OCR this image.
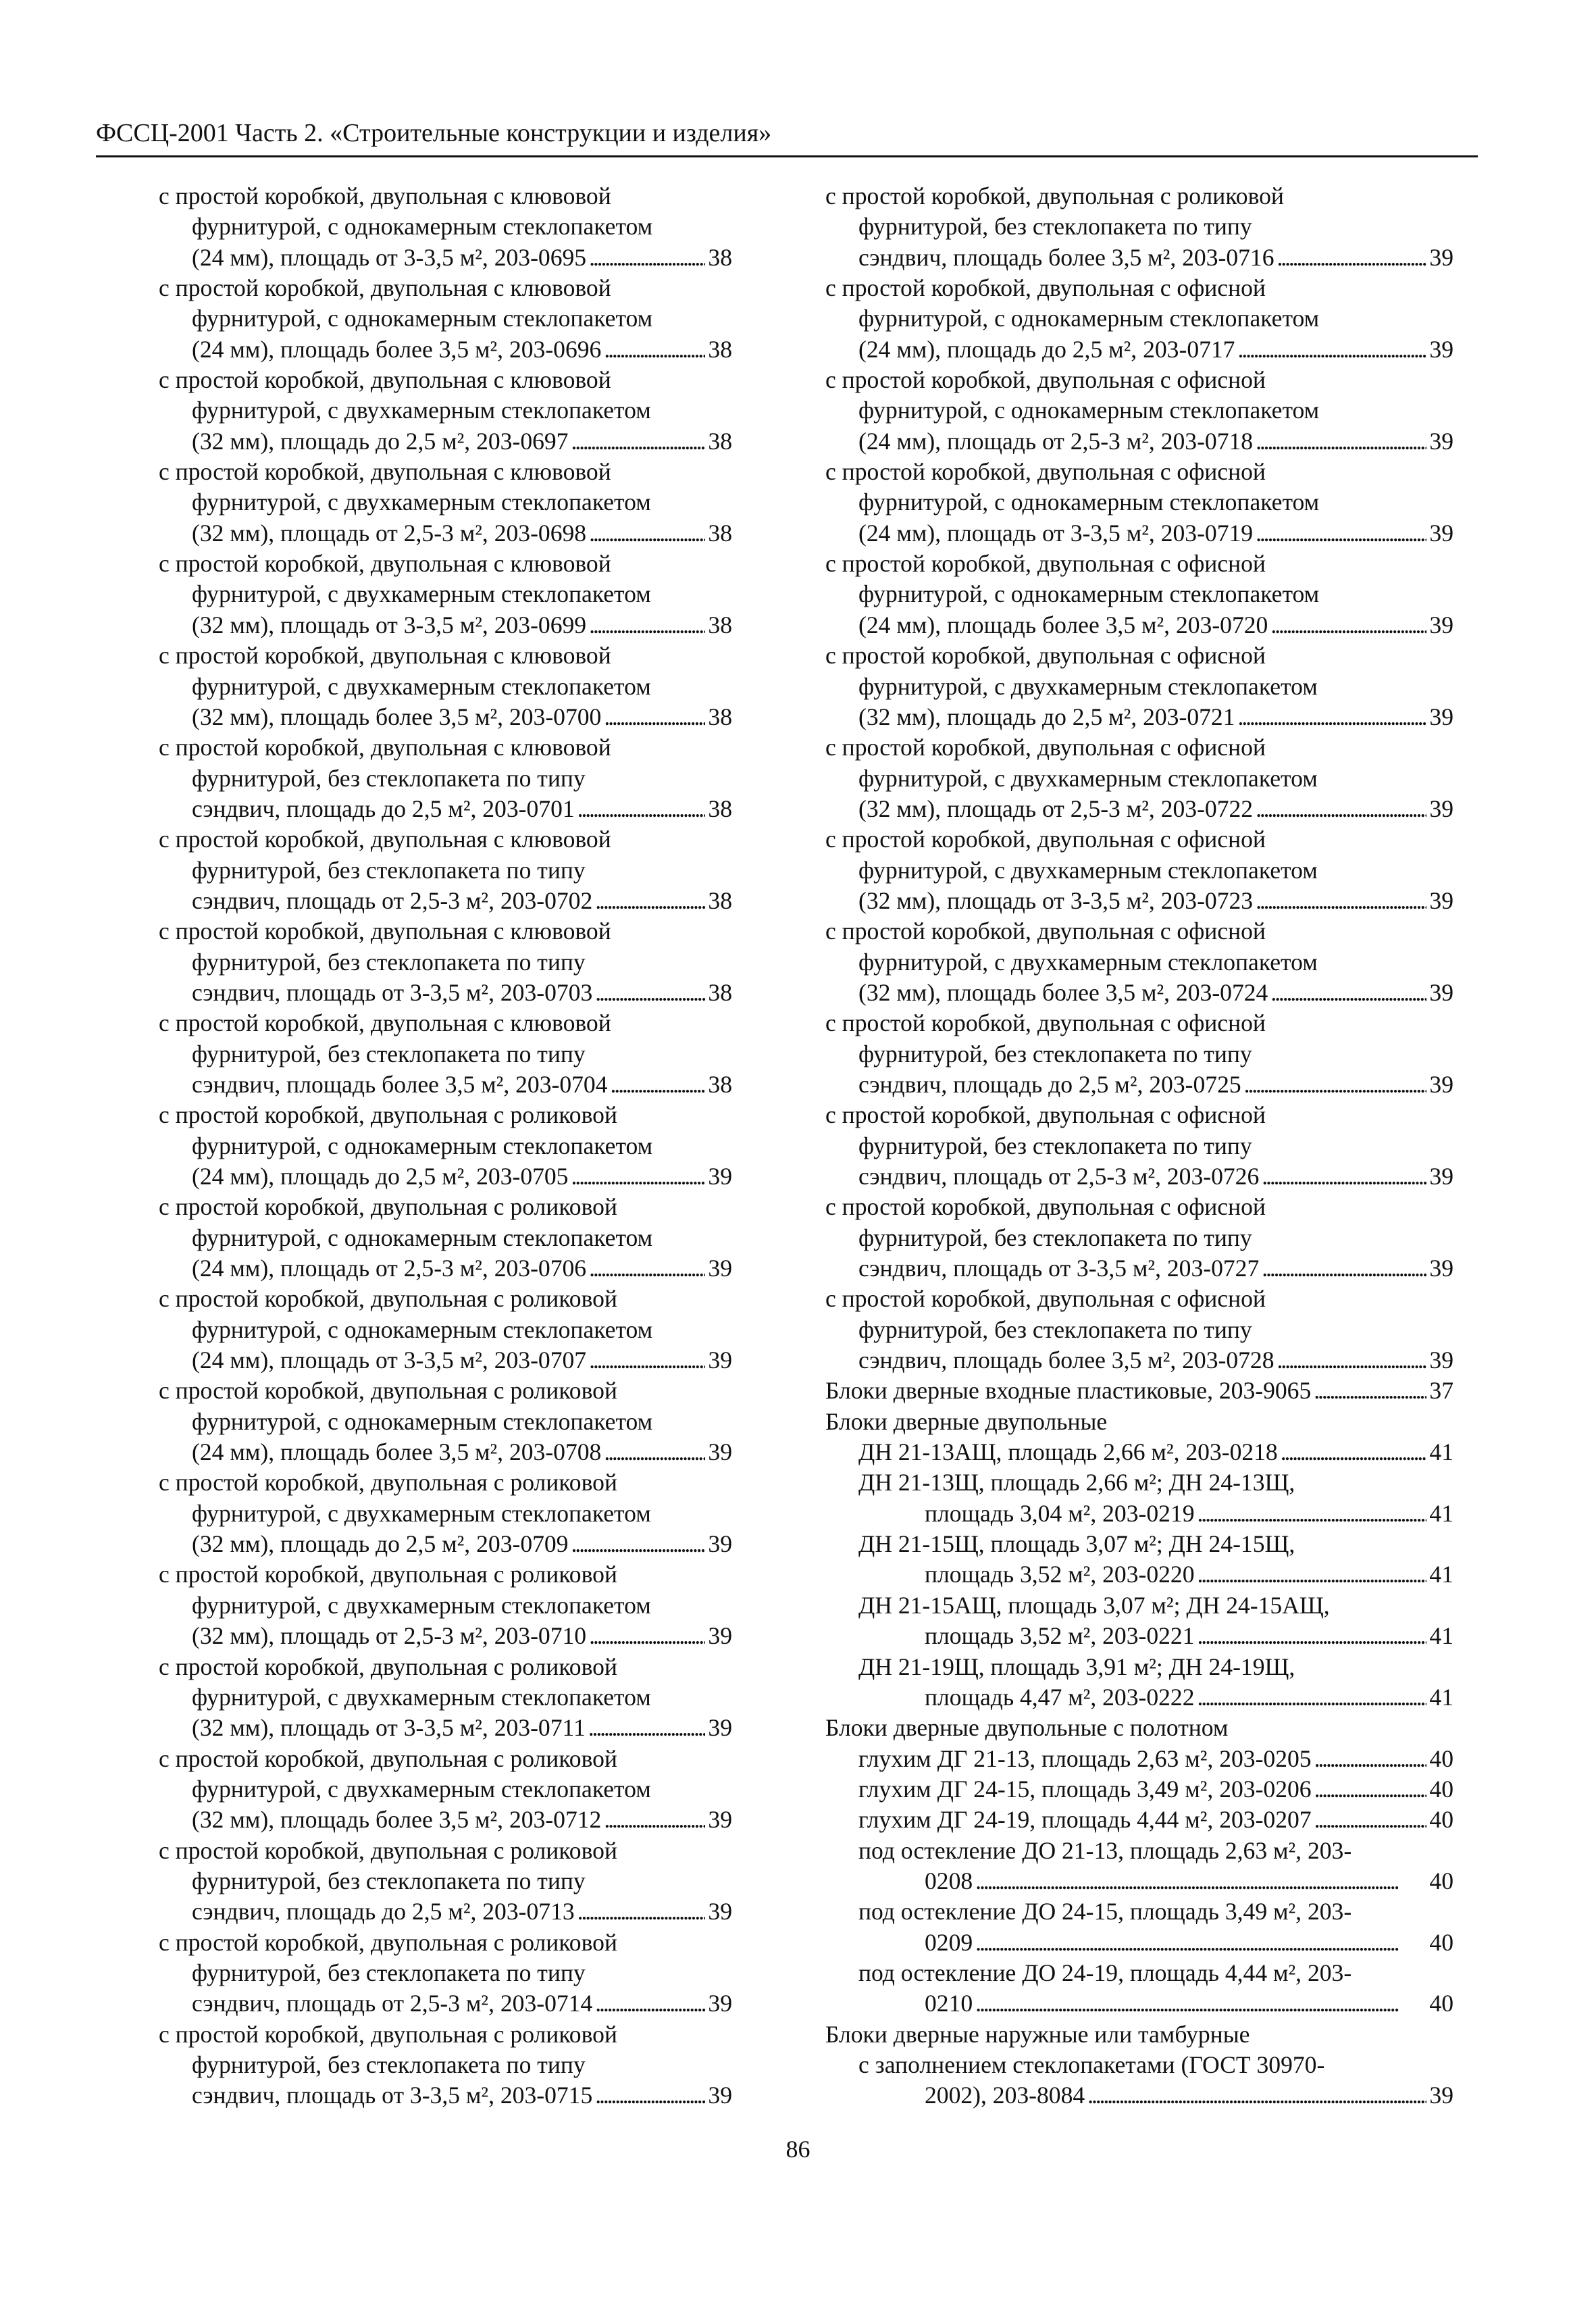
ФССЦ-2001 Часть 2. «Строительные конструкции и изделия»
с простой коробкой, двупольная с клювовой
фурнитурой, с однокамерным стеклопакетом
(24 мм), площадь от 3-3,5 м², 203-0695 . . .	38
с простой коробкой, двупольная с клювовой
фурнитурой, с однокамерным стеклопакетом
(24 мм), площадь более 3,5 м², 203-0696 . . .	38
с простой коробкой, двупольная с клювовой
фурнитурой, с двухкамерным стеклопакетом
(32 мм), площадь до 2,5 м², 203-0697 . . .	38
с простой коробкой, двупольная с клювовой
фурнитурой, с двухкамерным стеклопакетом
(32 мм), площадь от 2,5-3 м², 203-0698 . . .	38
с простой коробкой, двупольная с клювовой
фурнитурой, с двухкамерным стеклопакетом
(32 мм), площадь от 3-3,5 м², 203-0699 . . .	38
с простой коробкой, двупольная с клювовой
фурнитурой, с двухкамерным стеклопакетом
(32 мм), площадь более 3,5 м², 203-0700 . . .	38
с простой коробкой, двупольная с клювовой
фурнитурой, без стеклопакета по типу
сэндвич, площадь до 2,5 м², 203-0701 . . .	38
с простой коробкой, двупольная с клювовой
фурнитурой, без стеклопакета по типу
сэндвич, площадь от 2,5-3 м², 203-0702 . . .	38
с простой коробкой, двупольная с клювовой
фурнитурой, без стеклопакета по типу
сэндвич, площадь от 3-3,5 м², 203-0703 . . .	38
с простой коробкой, двупольная с клювовой
фурнитурой, без стеклопакета по типу
сэндвич, площадь более 3,5 м², 203-0704 . . .	38
с простой коробкой, двупольная с роликовой
фурнитурой, с однокамерным стеклопакетом
(24 мм), площадь до 2,5 м², 203-0705 . . .	39
с простой коробкой, двупольная с роликовой
фурнитурой, с однокамерным стеклопакетом
(24 мм), площадь от 2,5-3 м², 203-0706 . . .	39
с простой коробкой, двупольная с роликовой
фурнитурой, с однокамерным стеклопакетом
(24 мм), площадь от 3-3,5 м², 203-0707 . . .	39
с простой коробкой, двупольная с роликовой
фурнитурой, с однокамерным стеклопакетом
(24 мм), площадь более 3,5 м², 203-0708 . . .	39
с простой коробкой, двупольная с роликовой
фурнитурой, с двухкамерным стеклопакетом
(32 мм), площадь до 2,5 м², 203-0709 . . .	39
с простой коробкой, двупольная с роликовой
фурнитурой, с двухкамерным стеклопакетом
(32 мм), площадь от 2,5-3 м², 203-0710 . . .	39
с простой коробкой, двупольная с роликовой
фурнитурой, с двухкамерным стеклопакетом
(32 мм), площадь от 3-3,5 м², 203-0711 . . .	39
с простой коробкой, двупольная с роликовой
фурнитурой, с двухкамерным стеклопакетом
(32 мм), площадь более 3,5 м², 203-0712 . . .	39
с простой коробкой, двупольная с роликовой
фурнитурой, без стеклопакета по типу
сэндвич, площадь до 2,5 м², 203-0713 . . .	39
с простой коробкой, двупольная с роликовой
фурнитурой, без стеклопакета по типу
сэндвич, площадь от 2,5-3 м², 203-0714 . . .	39
с простой коробкой, двупольная с роликовой
фурнитурой, без стеклопакета по типу
сэндвич, площадь от 3-3,5 м², 203-0715 . . .	39
с простой коробкой, двупольная с роликовой
фурнитурой, без стеклопакета по типу
сэндвич, площадь более 3,5 м², 203-0716 . . .	39
с простой коробкой, двупольная с офисной
фурнитурой, с однокамерным стеклопакетом
(24 мм), площадь до 2,5 м², 203-0717 . . .	39
с простой коробкой, двупольная с офисной
фурнитурой, с однокамерным стеклопакетом
(24 мм), площадь от 2,5-3 м², 203-0718 . . .	39
с простой коробкой, двупольная с офисной
фурнитурой, с однокамерным стеклопакетом
(24 мм), площадь от 3-3,5 м², 203-0719 . . .	39
с простой коробкой, двупольная с офисной
фурнитурой, с однокамерным стеклопакетом
(24 мм), площадь более 3,5 м², 203-0720 . . .	39
с простой коробкой, двупольная с офисной
фурнитурой, с двухкамерным стеклопакетом
(32 мм), площадь до 2,5 м², 203-0721 . . .	39
с простой коробкой, двупольная с офисной
фурнитурой, с двухкамерным стеклопакетом
(32 мм), площадь от 2,5-3 м², 203-0722 . . .	39
с простой коробкой, двупольная с офисной
фурнитурой, с двухкамерным стеклопакетом
(32 мм), площадь от 3-3,5 м², 203-0723 . . .	39
с простой коробкой, двупольная с офисной
фурнитурой, с двухкамерным стеклопакетом
(32 мм), площадь более 3,5 м², 203-0724 . . .	39
с простой коробкой, двупольная с офисной
фурнитурой, без стеклопакета по типу
сэндвич, площадь до 2,5 м², 203-0725 . . .	39
с простой коробкой, двупольная с офисной
фурнитурой, без стеклопакета по типу
сэндвич, площадь от 2,5-3 м², 203-0726 . . .	39
с простой коробкой, двупольная с офисной
фурнитурой, без стеклопакета по типу
сэндвич, площадь от 3-3,5 м², 203-0727 . . .	39
с простой коробкой, двупольная с офисной
фурнитурой, без стеклопакета по типу
сэндвич, площадь более 3,5 м², 203-0728 . . .	39
Блоки дверные входные пластиковые, 203-9065 . . .	37
Блоки дверные двупольные
ДН 21-13АЩ, площадь 2,66 м², 203-0218 . . .	41
ДН 21-13Щ, площадь 2,66 м²; ДН 24-13Щ,
площадь 3,04 м², 203-0219 . . .	41
ДН 21-15Щ, площадь 3,07 м²; ДН 24-15Щ,
площадь 3,52 м², 203-0220 . . .	41
ДН 21-15АЩ, площадь 3,07 м²; ДН 24-15АЩ,
площадь 3,52 м², 203-0221 . . .	41
ДН 21-19Щ, площадь 3,91 м²; ДН 24-19Щ,
площадь 4,47 м², 203-0222 . . .	41
Блоки дверные двупольные с полотном
глухим ДГ 21-13, площадь 2,63 м², 203-0205 . . .	40
глухим ДГ 24-15, площадь 3,49 м², 203-0206 . . .	40
глухим ДГ 24-19, площадь 4,44 м², 203-0207 . . .	40
под остекление ДО 21-13, площадь 2,63 м², 203-
0208 . . .	40
под остекление ДО 24-15, площадь 3,49 м², 203-
0209 . . .	40
под остекление ДО 24-19, площадь 4,44 м², 203-
0210 . . .	40
Блоки дверные наружные или тамбурные
с заполнением стеклопакетами (ГОСТ 30970-
2002), 203-8084 . . .	39
86
